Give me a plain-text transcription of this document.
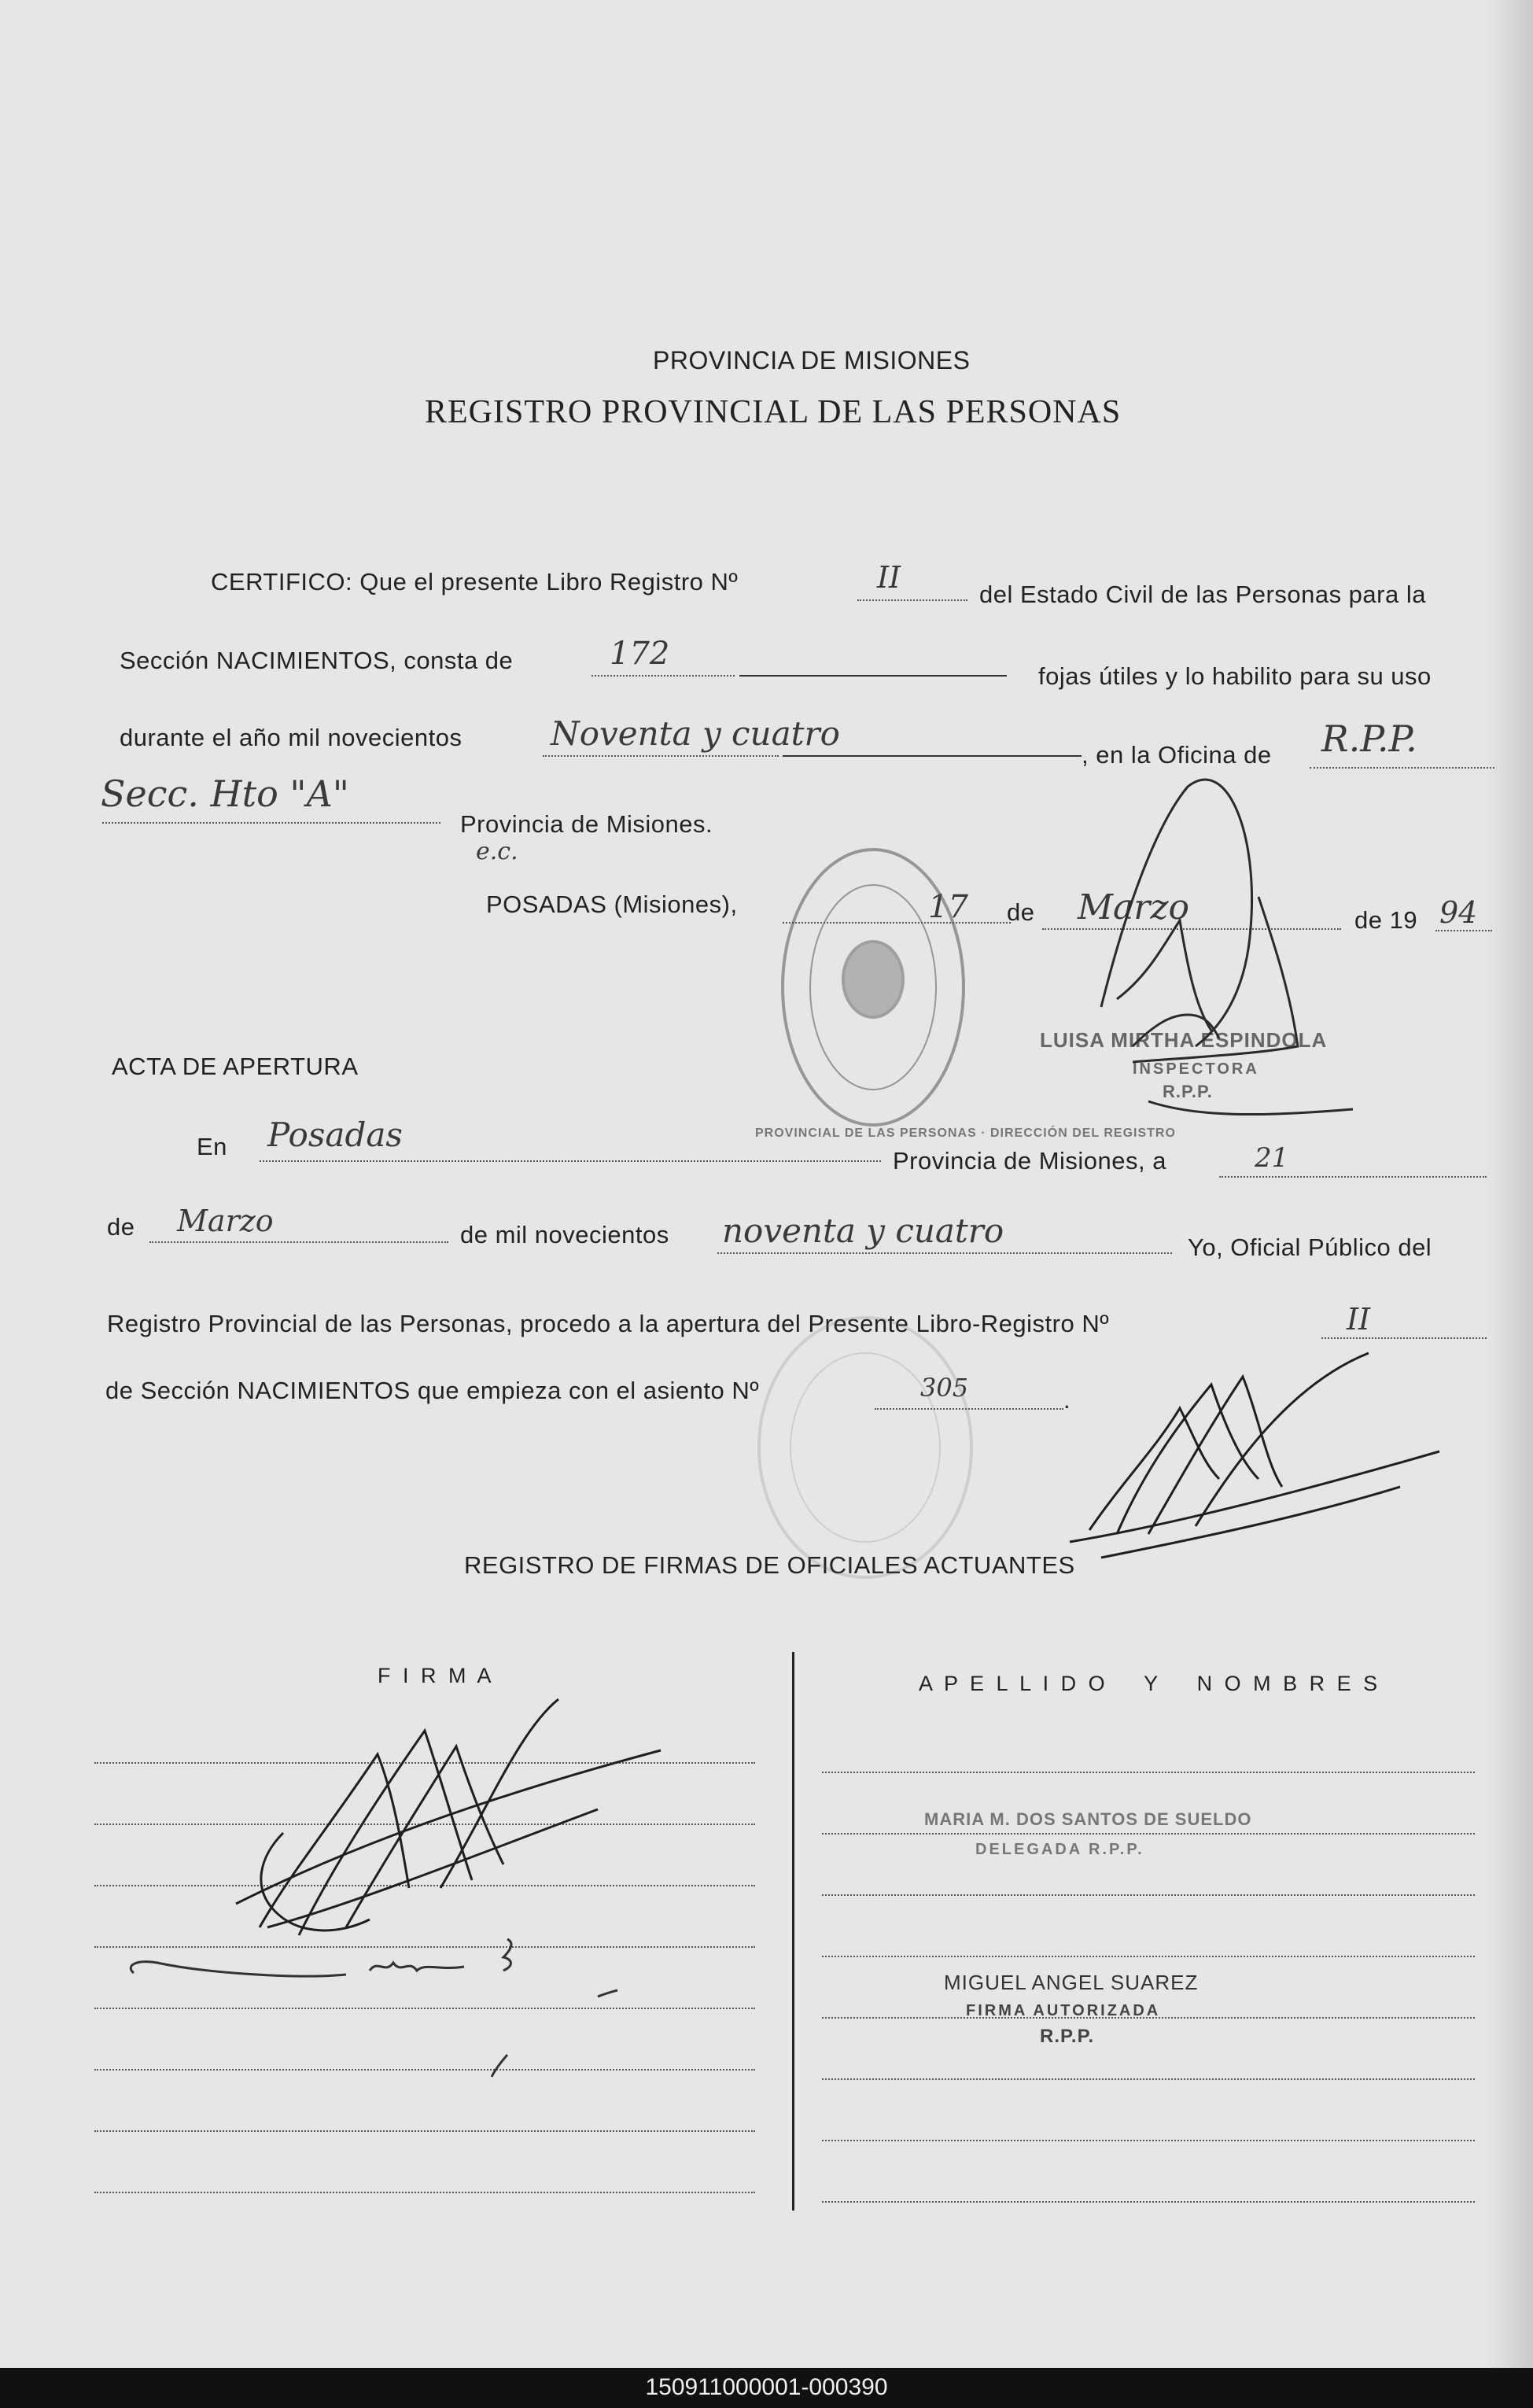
PROVINCIA DE MISIONES
REGISTRO PROVINCIAL DE LAS PERSONAS
CERTIFICO: Que el presente Libro Registro Nº	II	del Estado Civil de las Personas para la
Sección NACIMIENTOS, consta de	172
fojas útiles y lo habilito para su uso
durante el año mil novecientos	Noventa y cuatro
, en la Oficina de R.P.P.
Secc. Hto "A"
Provincia de Misiones.
e.c.
POSADAS (Misiones),	17 de Marzo	de 19 94
ACTA DE APERTURA
En Posadas
Provincia de Misiones, a	21
de Marzo	de mil novecientos noventa y cuatro	Yo, Oficial Público del
Registro Provincial de las Personas, procedo a la apertura del Presente Libro-Registro Nº	II
de Sección NACIMIENTOS que empieza con el asiento Nº	305	.
REGISTRO DE FIRMAS DE OFICIALES ACTUANTES
F I R M A	A P E L L I D O    Y    N O M B R E S
MARIA M. DOS SANTOS DE SUELDO
DELEGADA R.P.P.
MIGUEL ANGEL SUAREZ
FIRMA AUTORIZADA
R.P.P.
LUISA MIRTHA ESPINDOLA
INSPECTORA
R.P.P.
PROVINCIAL DE LAS PERSONAS · DIRECCIÓN DEL REGISTRO
150911000001-000390
